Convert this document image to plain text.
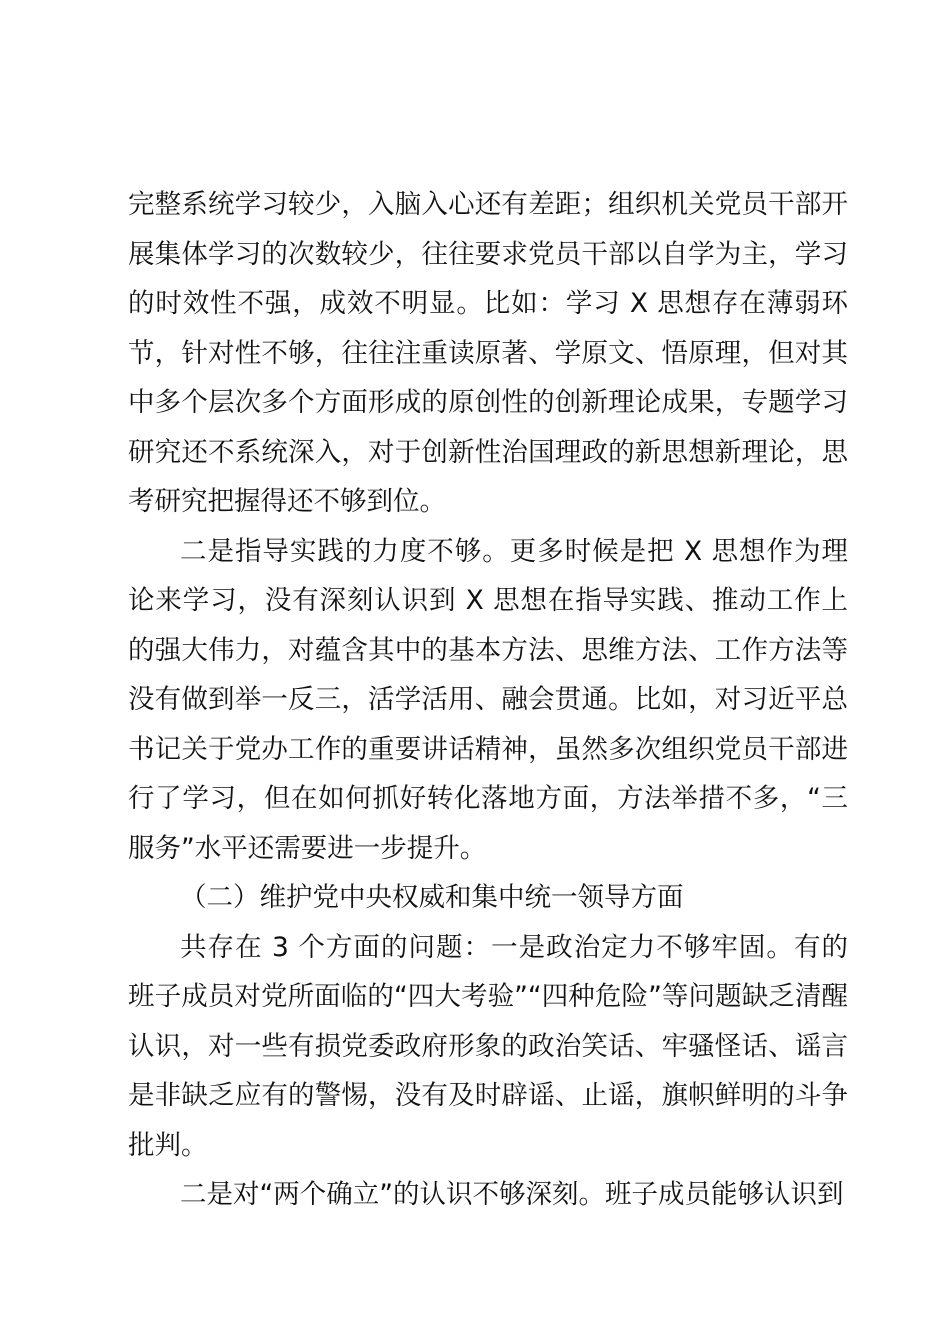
完整系统学习较少，入脑入心还有差距；组织机关党员干部开展集体学习的次数较少，往往要求党员干部以自学为主，学习的时效性不强，成效不明显。比如：学习 X 思想存在薄弱环节，针对性不够，往往注重读原著、学原文、悟原理，但对其中多个层次多个方面形成的原创性的创新理论成果，专题学习研究还不系统深入，对于创新性治国理政的新思想新理论，思考研究把握得还不够到位。

二是指导实践的力度不够。更多时候是把 X 思想作为理论来学习，没有深刻认识到 X 思想在指导实践、推动工作上的强大伟力，对蕴含其中的基本方法、思维方法、工作方法等没有做到举一反三，活学活用、融会贯通。比如，对习近平总书记关于党办工作的重要讲话精神，虽然多次组织党员干部进行了学习，但在如何抓好转化落地方面，方法举措不多，“三服务”水平还需要进一步提升。

（二）维护党中央权威和集中统一领导方面

共存在 3 个方面的问题：一是政治定力不够牢固。有的班子成员对党所面临的“四大考验”“四种危险”等问题缺乏清醒认识，对一些有损党委政府形象的政治笑话、牢骚怪话、谣言是非缺乏应有的警惕，没有及时辟谣、止谣，旗帜鲜明的斗争批判。

二是对“两个确立”的认识不够深刻。班子成员能够认识到
